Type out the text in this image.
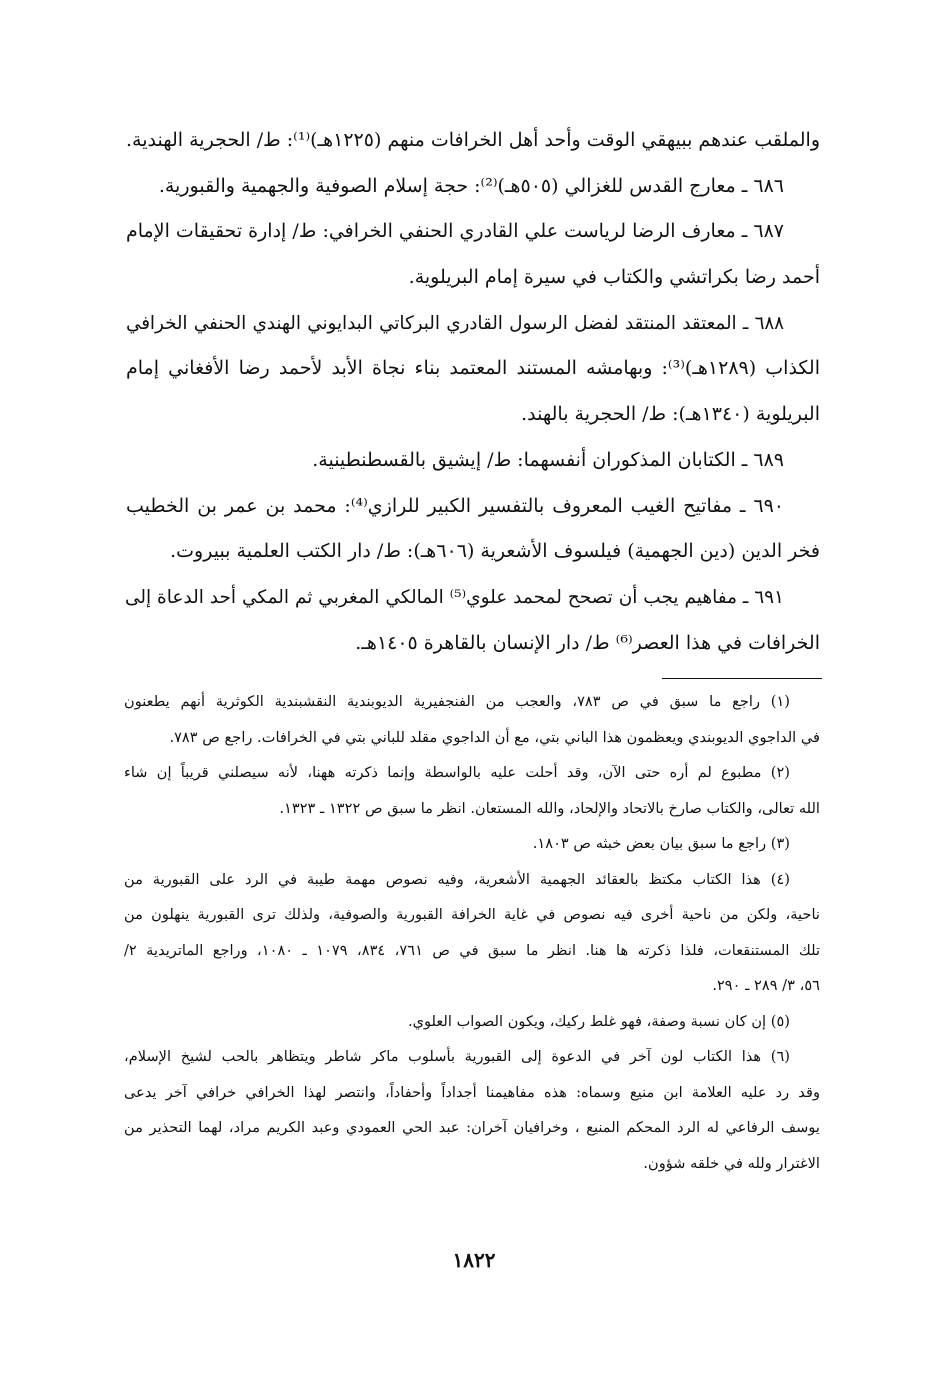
والملقب عندهم ببيهقي الوقت وأحد أهل الخرافات منهم (١٢٢٥هـ)⁽¹⁾: ط/ الحجرية الهندية.
٦٨٦ ـ معارج القدس للغزالي (٥٠٥هـ)⁽²⁾: حجة إسلام الصوفية والجهمية والقبورية.
٦٨٧ ـ معارف الرضا لرياست علي القادري الحنفي الخرافي: ط/ إدارة تحقيقات الإمام
أحمد رضا بكراتشي والكتاب في سيرة إمام البريلوية.
٦٨٨ ـ المعتقد المنتقد لفضل الرسول القادري البركاتي البدايوني الهندي الحنفي الخرافي
الكذاب (١٢٨٩هـ)⁽³⁾: وبهامشه المستند المعتمد بناء نجاة الأبد لأحمد رضا الأفغاني إمام
البريلوية (١٣٤٠هـ): ط/ الحجرية بالهند.
٦٨٩ ـ الكتابان المذكوران أنفسهما: ط/ إيشيق بالقسطنطينية.
٦٩٠ ـ مفاتيح الغيب المعروف بالتفسير الكبير للرازي⁽⁴⁾: محمد بن عمر بن الخطيب
فخر الدين (دين الجهمية) فيلسوف الأشعرية (٦٠٦هـ): ط/ دار الكتب العلمية ببيروت.
٦٩١ ـ مفاهيم يجب أن تصحح لمحمد علوي⁽⁵⁾ المالكي المغربي ثم المكي أحد الدعاة إلى
الخرافات في هذا العصر⁽⁶⁾ ط/ دار الإنسان بالقاهرة ١٤٠٥هـ.
(١) راجع ما سبق في ص ٧٨٣، والعجب من الفنجفيرية الديوبندية النقشبندية الكوثرية أنهم يطعنون
في الداجوي الديوبندي ويعظمون هذا الباني بتي، مع أن الداجوي مقلد للباني بتي في الخرافات. راجع ص ٧٨٣.
(٢) مطبوع لم أره حتى الآن، وقد أحلت عليه بالواسطة وإنما ذكرته ههنا، لأنه سيصلني قريباً إن شاء
الله تعالى، والكتاب صارخ بالاتحاد والإلحاد، والله المستعان. انظر ما سبق ص ١٣٢٢ ـ ١٣٢٣.
(٣) راجع ما سبق بيان بعض خبثه ص ١٨٠٣.
(٤) هذا الكتاب مكتظ بالعقائد الجهمية الأشعرية، وفيه نصوص مهمة طيبة في الرد على القبورية من
ناحية، ولكن من ناحية أخرى فيه نصوص في غاية الخرافة القبورية والصوفية، ولذلك ترى القبورية ينهلون من
تلك المستنقعات، فلذا ذكرته ها هنا. انظر ما سبق في ص ٧٦١، ٨٣٤، ١٠٧٩ ـ ١٠٨٠، وراجع الماتريدية ٢/
٥٦، ٣/ ٢٨٩ ـ ٢٩٠.
(٥) إن كان نسبة وصفة، فهو غلط ركيك، ويكون الصواب العلوي.
(٦) هذا الكتاب لون آخر في الدعوة إلى القبورية بأسلوب ماكر شاطر ويتظاهر بالحب لشيخ الإسلام،
وقد رد عليه العلامة ابن منيع وسماه: هذه مفاهيمنا أجداداً وأحفاداً، وانتصر لهذا الخرافي خرافي آخر يدعى
يوسف الرفاعي له الرد المحكم المنيع ، وخرافيان آخران: عبد الحي العمودي وعبد الكريم مراد، لهما التحذير من
الاغترار ولله في خلقه شؤون.
١٨٢٢
